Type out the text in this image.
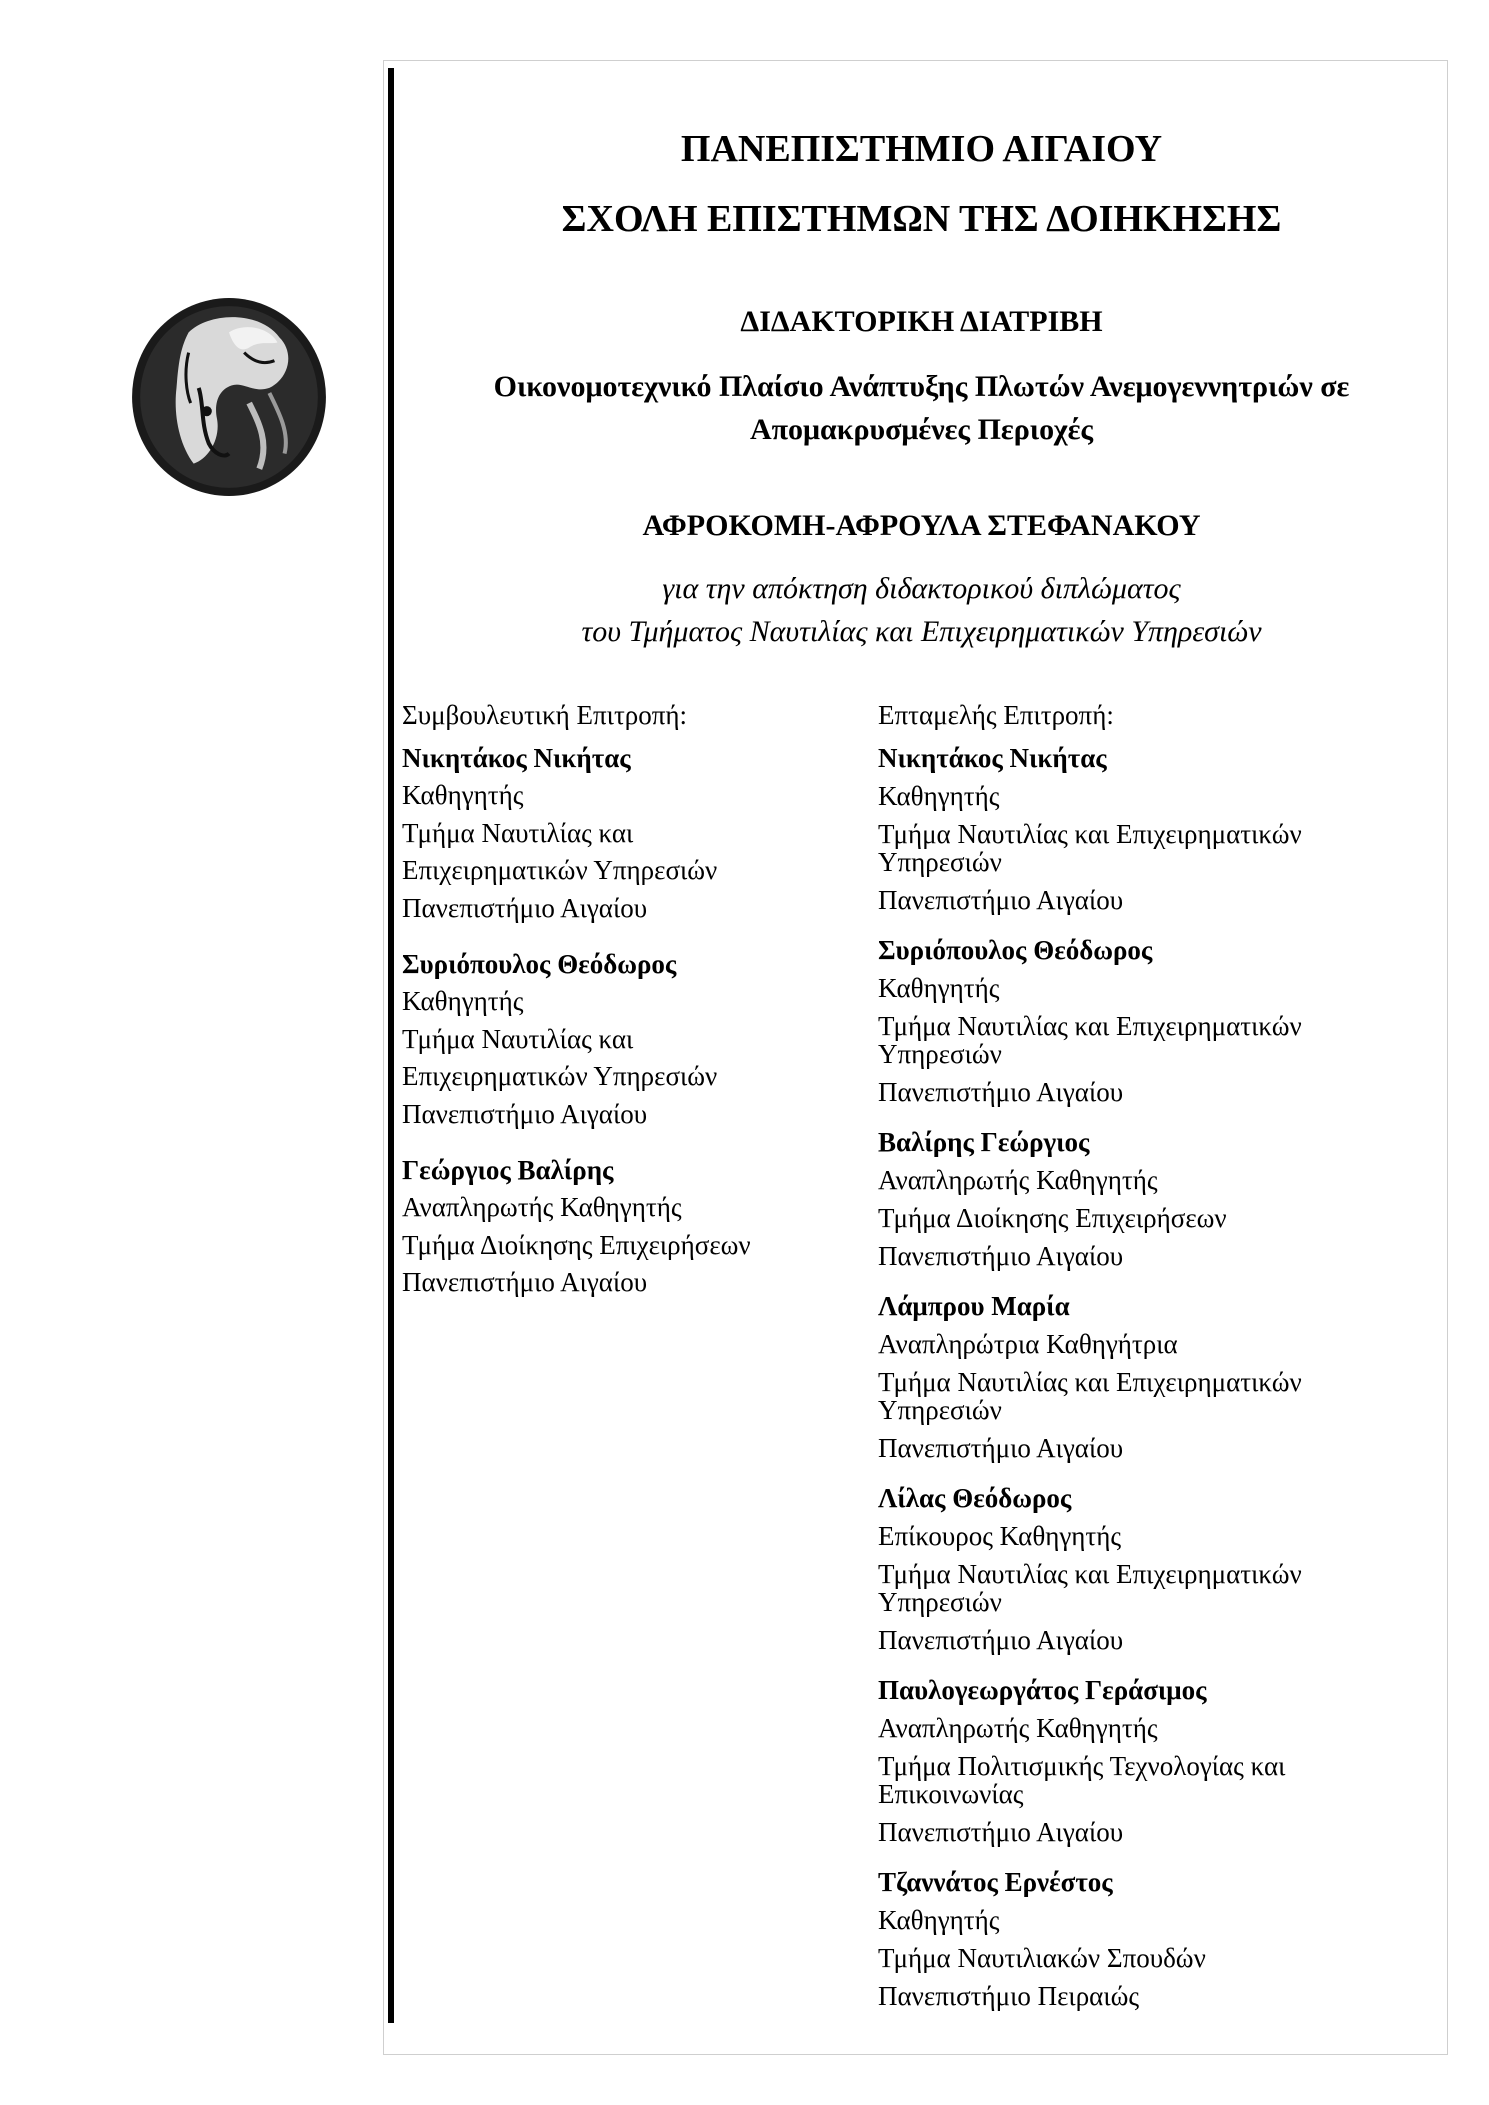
ΠΑΝΕΠΙΣΤΗΜΙΟ ΑΙΓΑΙΟΥ
ΣΧΟΛΗ ΕΠΙΣΤΗΜΩΝ ΤΗΣ ΔΟΙΗΚΗΣΗΣ
ΔΙΔΑΚΤΟΡΙΚΗ ΔΙΑΤΡΙΒΗ
Οικονομοτεχνικό Πλαίσιο Ανάπτυξης Πλωτών Ανεμογεννητριών σε
Απομακρυσμένες Περιοχές
ΑΦΡΟΚΟΜΗ-ΑΦΡΟΥΛΑ ΣΤΕΦΑΝΑΚΟΥ
για την απόκτηση διδακτορικού διπλώματος
του Τμήματος Ναυτιλίας και Επιχειρηματικών Υπηρεσιών
Συμβουλευτική Επιτροπή:
Νικητάκος Νικήτας
Καθηγητής
Τμήμα Ναυτιλίας και
Επιχειρηματικών Υπηρεσιών
Πανεπιστήμιο Αιγαίου
Συριόπουλος Θεόδωρος
Καθηγητής
Τμήμα Ναυτιλίας και
Επιχειρηματικών Υπηρεσιών
Πανεπιστήμιο Αιγαίου
Γεώργιος Βαλίρης
Αναπληρωτής Καθηγητής
Τμήμα Διοίκησης Επιχειρήσεων
Πανεπιστήμιο Αιγαίου
Επταμελής Επιτροπή:
Νικητάκος Νικήτας
Καθηγητής
Τμήμα Ναυτιλίας και Επιχειρηματικών
Υπηρεσιών
Πανεπιστήμιο Αιγαίου
Συριόπουλος Θεόδωρος
Καθηγητής
Τμήμα Ναυτιλίας και Επιχειρηματικών
Υπηρεσιών
Πανεπιστήμιο Αιγαίου
Βαλίρης Γεώργιος
Αναπληρωτής Καθηγητής
Τμήμα Διοίκησης Επιχειρήσεων
Πανεπιστήμιο Αιγαίου
Λάμπρου Μαρία
Αναπληρώτρια Καθηγήτρια
Τμήμα Ναυτιλίας και Επιχειρηματικών
Υπηρεσιών
Πανεπιστήμιο Αιγαίου
Λίλας Θεόδωρος
Επίκουρος Καθηγητής
Τμήμα Ναυτιλίας και Επιχειρηματικών
Υπηρεσιών
Πανεπιστήμιο Αιγαίου
Παυλογεωργάτος Γεράσιμος
Αναπληρωτής Καθηγητής
Τμήμα Πολιτισμικής Τεχνολογίας και
Επικοινωνίας
Πανεπιστήμιο Αιγαίου
Τζαννάτος Ερνέστος
Καθηγητής
Τμήμα Ναυτιλιακών Σπουδών
Πανεπιστήμιο Πειραιώς
